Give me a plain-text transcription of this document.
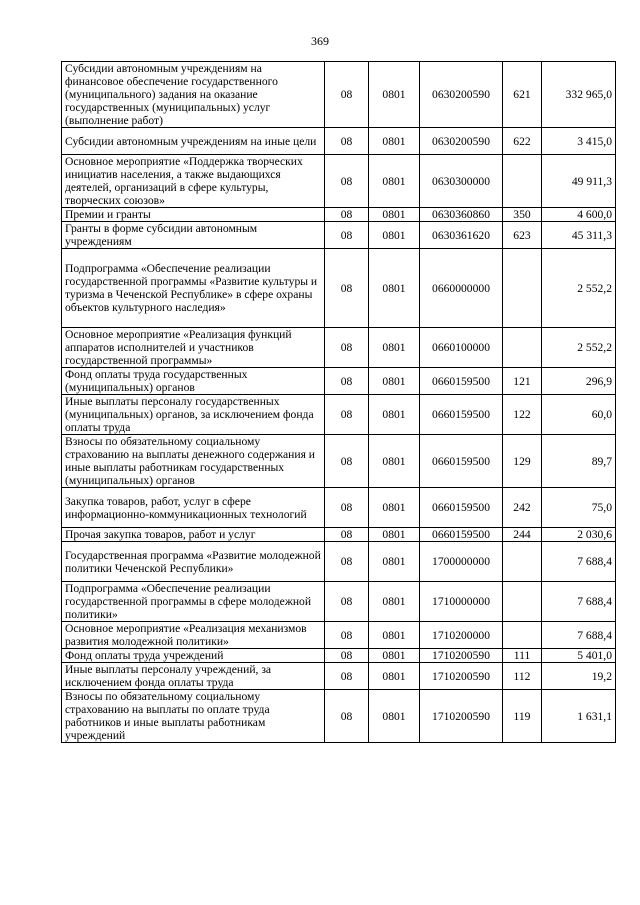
369
Субсидии автономным учреждениям на финансовое обеспечение государственного (муниципального) задания на оказание государственных (муниципальных) услуг (выполнение работ)	08	0801	0630200590	621	332 965,0
Субсидии автономным учреждениям на иные цели	08	0801	0630200590	622	3 415,0
Основное мероприятие «Поддержка творческих инициатив населения, а также выдающихся деятелей, организаций в сфере культуры, творческих союзов»	08	0801	0630300000		49 911,3
Премии и гранты	08	0801	0630360860	350	4 600,0
Гранты в форме субсидии автономным учреждениям	08	0801	0630361620	623	45 311,3
Подпрограмма «Обеспечение реализации государственной программы «Развитие культуры и туризма в Чеченской Республике» в сфере охраны объектов культурного наследия»	08	0801	0660000000		2 552,2
Основное мероприятие «Реализация функций аппаратов исполнителей и участников государственной программы»	08	0801	0660100000		2 552,2
Фонд оплаты труда государственных (муниципальных) органов	08	0801	0660159500	121	296,9
Иные выплаты персоналу государственных (муниципальных) органов, за исключением фонда оплаты труда	08	0801	0660159500	122	60,0
Взносы по обязательному социальному страхованию на выплаты денежного содержания и иные выплаты работникам государственных (муниципальных) органов	08	0801	0660159500	129	89,7
Закупка товаров, работ, услуг в сфере информационно-коммуникационных технологий	08	0801	0660159500	242	75,0
Прочая закупка товаров, работ и услуг	08	0801	0660159500	244	2 030,6
Государственная программа «Развитие молодежной политики Чеченской Республики»	08	0801	1700000000		7 688,4
Подпрограмма «Обеспечение реализации государственной программы в сфере молодежной политики»	08	0801	1710000000		7 688,4
Основное мероприятие «Реализация механизмов развития молодежной политики»	08	0801	1710200000		7 688,4
Фонд оплаты труда учреждений	08	0801	1710200590	111	5 401,0
Иные выплаты персоналу учреждений, за исключением фонда оплаты труда	08	0801	1710200590	112	19,2
Взносы по обязательному социальному страхованию на выплаты по оплате труда работников и иные выплаты работникам учреждений	08	0801	1710200590	119	1 631,1
